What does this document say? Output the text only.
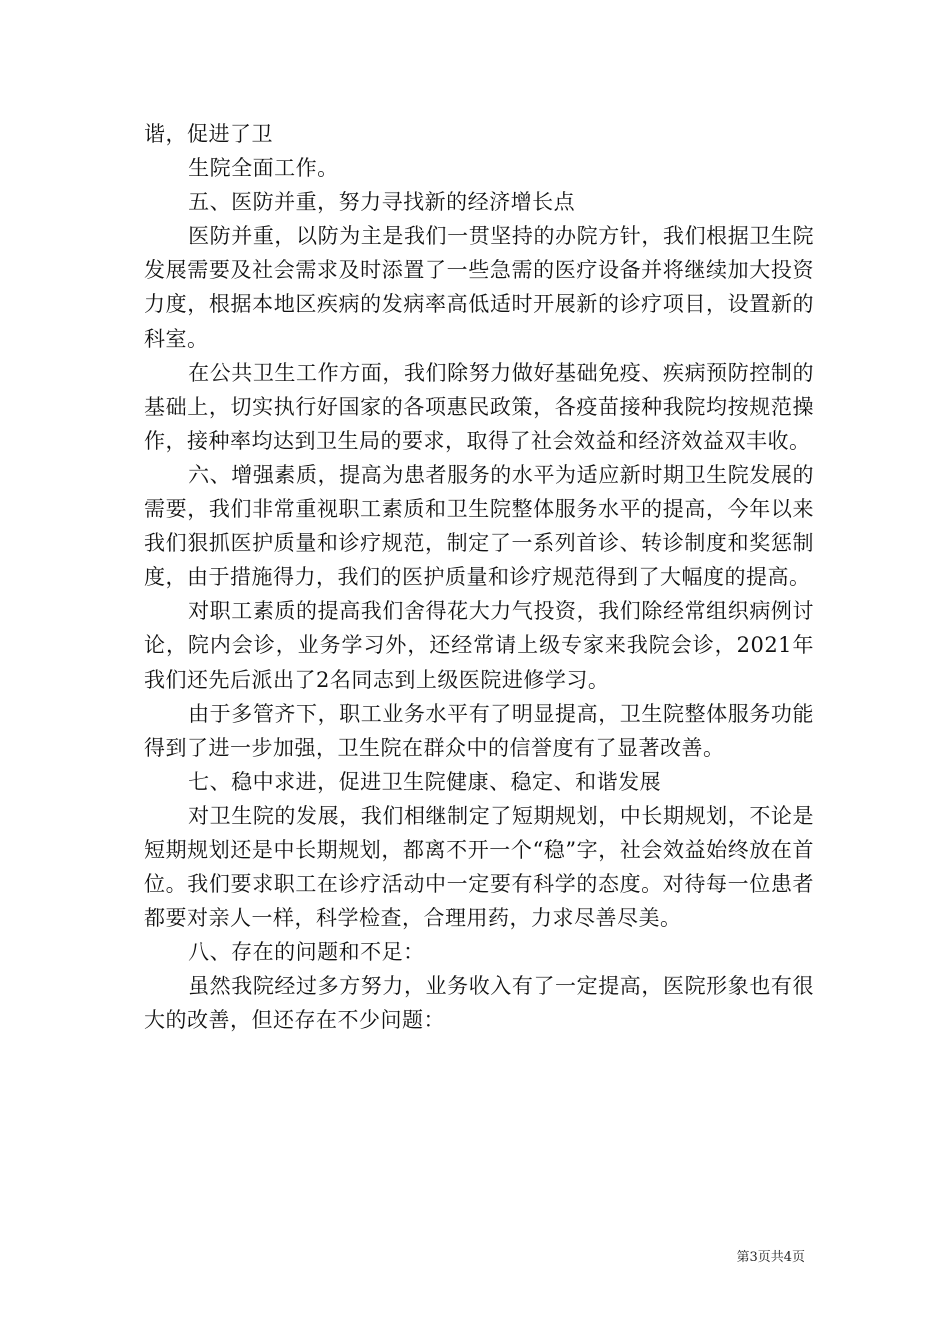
谐，促进了卫

生院全面工作。

五、医防并重，努力寻找新的经济增长点

医防并重，以防为主是我们一贯坚持的办院方针，我们根据卫生院发展需要及社会需求及时添置了一些急需的医疗设备并将继续加大投资力度，根据本地区疾病的发病率高低适时开展新的诊疗项目，设置新的科室。

在公共卫生工作方面，我们除努力做好基础免疫、疾病预防控制的基础上，切实执行好国家的各项惠民政策，各疫苗接种我院均按规范操作，接种率均达到卫生局的要求，取得了社会效益和经济效益双丰收。

六、增强素质，提高为患者服务的水平为适应新时期卫生院发展的需要，我们非常重视职工素质和卫生院整体服务水平的提高，今年以来我们狠抓医护质量和诊疗规范，制定了一系列首诊、转诊制度和奖惩制度，由于措施得力，我们的医护质量和诊疗规范得到了大幅度的提高。

对职工素质的提高我们舍得花大力气投资，我们除经常组织病例讨论，院内会诊，业务学习外，还经常请上级专家来我院会诊，2021年我们还先后派出了2名同志到上级医院进修学习。

由于多管齐下，职工业务水平有了明显提高，卫生院整体服务功能得到了进一步加强，卫生院在群众中的信誉度有了显著改善。

七、稳中求进，促进卫生院健康、稳定、和谐发展

对卫生院的发展，我们相继制定了短期规划，中长期规划，不论是短期规划还是中长期规划，都离不开一个“稳”字，社会效益始终放在首位。我们要求职工在诊疗活动中一定要有科学的态度。对待每一位患者都要对亲人一样，科学检查，合理用药，力求尽善尽美。

八、存在的问题和不足：

虽然我院经过多方努力，业务收入有了一定提高，医院形象也有很大的改善，但还存在不少问题：

第3页共4页
